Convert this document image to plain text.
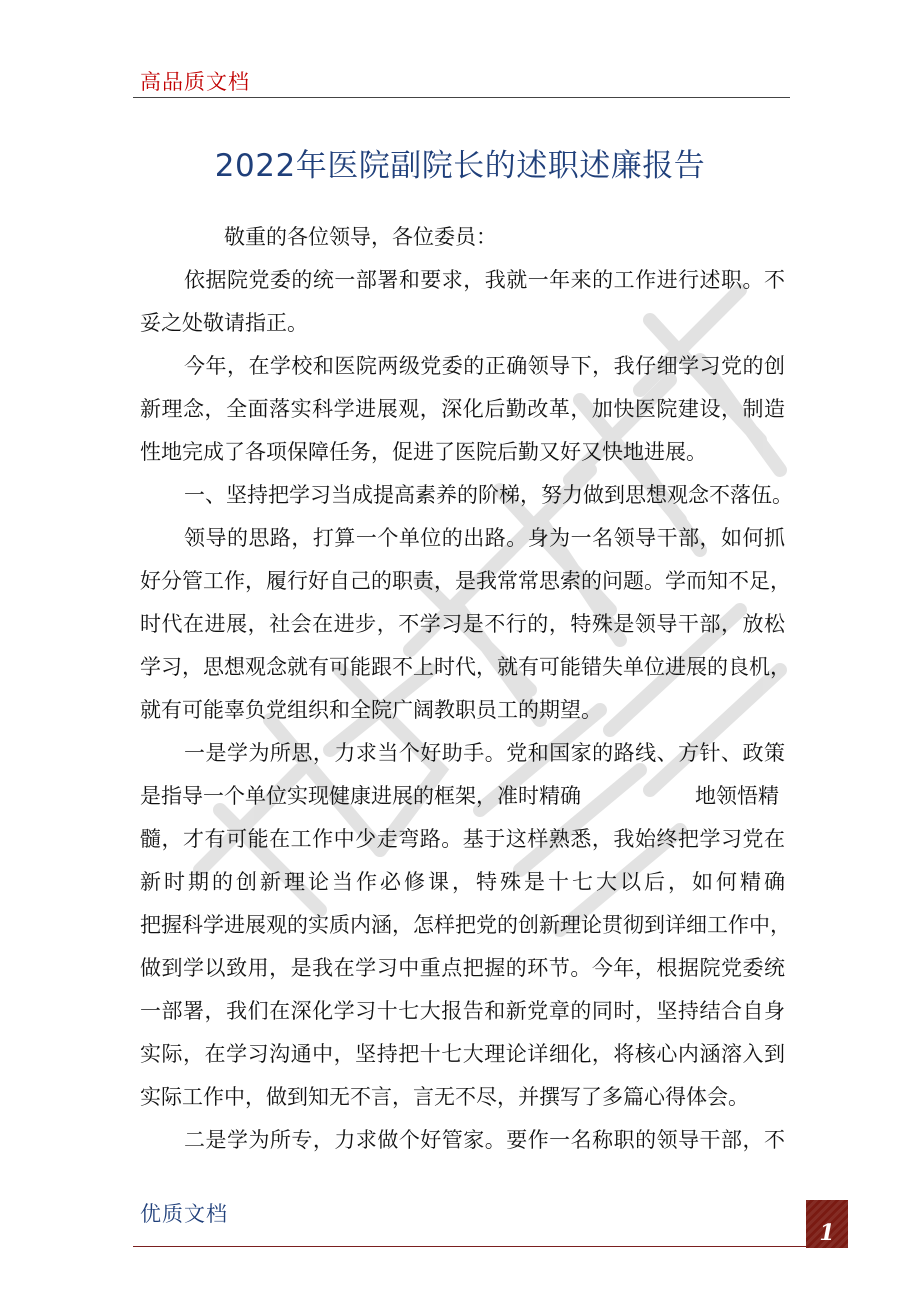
高品质文档
2022年医院副院长的述职述廉报告
敬重的各位领导，各位委员：
依据院党委的统一部署和要求，我就一年来的工作进行述职。不
妥之处敬请指正。
今年，在学校和医院两级党委的正确领导下，我仔细学习党的创
新理念，全面落实科学进展观，深化后勤改革，加快医院建设，制造
性地完成了各项保障任务，促进了医院后勤又好又快地进展。
一、坚持把学习当成提高素养的阶梯，努力做到思想观念不落伍。
领导的思路，打算一个单位的出路。身为一名领导干部，如何抓
好分管工作，履行好自己的职责，是我常常思索的问题。学而知不足，
时代在进展，社会在进步，不学习是不行的，特殊是领导干部，放松
学习，思想观念就有可能跟不上时代，就有可能错失单位进展的良机，
就有可能辜负党组织和全院广阔教职员工的期望。
一是学为所思，力求当个好助手。党和国家的路线、方针、政策
是指导一个单位实现健康进展的框架，准时精确	地领悟精
髓，才有可能在工作中少走弯路。基于这样熟悉，我始终把学习党在
新时期的创新理论当作必修课，特殊是十七大以后，如何精确
把握科学进展观的实质内涵，怎样把党的创新理论贯彻到详细工作中，
做到学以致用，是我在学习中重点把握的环节。今年，根据院党委统
一部署，我们在深化学习十七大报告和新党章的同时，坚持结合自身
实际，在学习沟通中，坚持把十七大理论详细化，将核心内涵溶入到
实际工作中，做到知无不言，言无不尽，并撰写了多篇心得体会。
二是学为所专，力求做个好管家。要作一名称职的领导干部，不
优质文档
1
